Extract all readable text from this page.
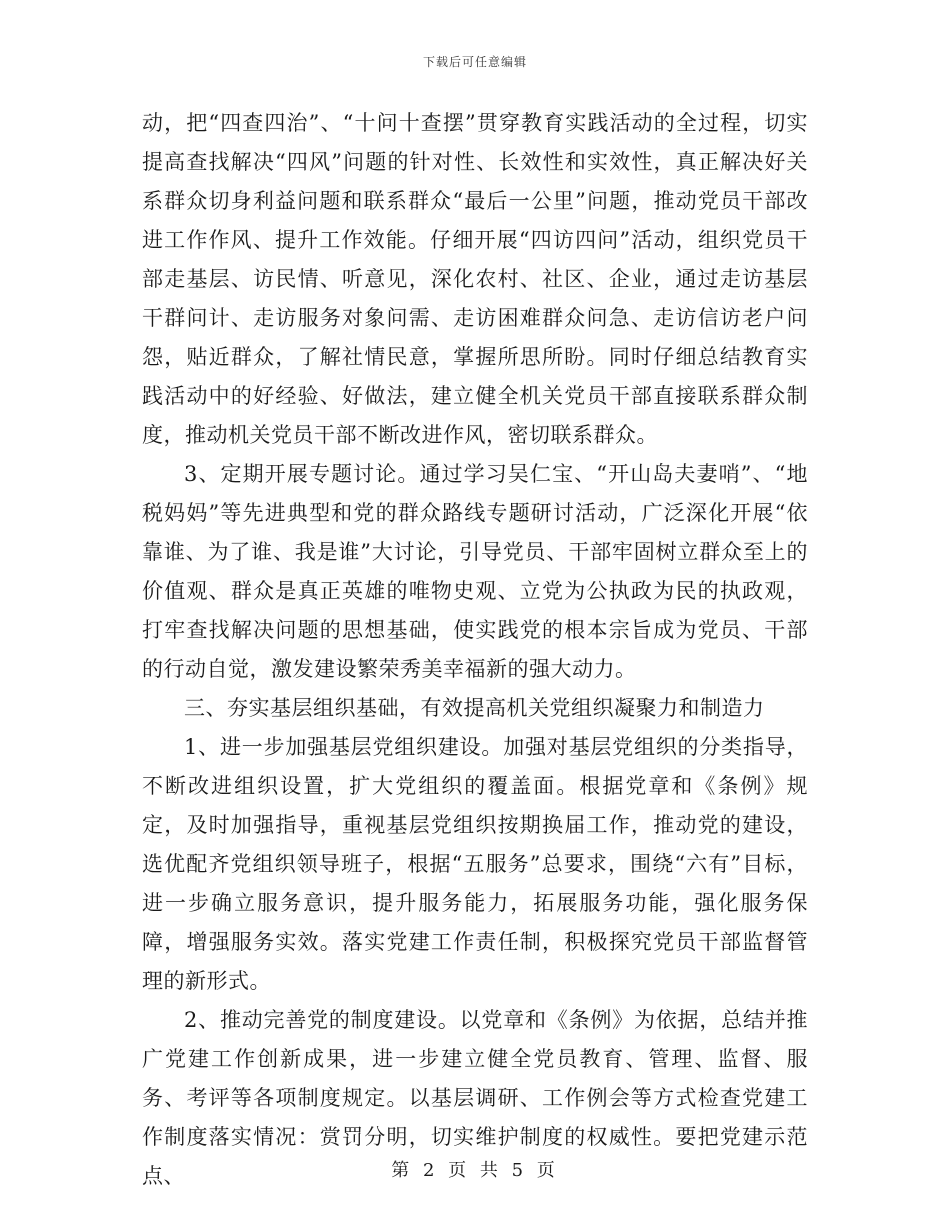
下载后可任意编辑

动，把“四查四治”、“十问十查摆”贯穿教育实践活动的全过程，切实提高查找解决“四风”问题的针对性、长效性和实效性，真正解决好关系群众切身利益问题和联系群众“最后一公里”问题，推动党员干部改进工作作风、提升工作效能。仔细开展“四访四问”活动，组织党员干部走基层、访民情、听意见，深化农村、社区、企业，通过走访基层干群问计、走访服务对象问需、走访困难群众问急、走访信访老户问怨，贴近群众，了解社情民意，掌握所思所盼。同时仔细总结教育实践活动中的好经验、好做法，建立健全机关党员干部直接联系群众制度，推动机关党员干部不断改进作风，密切联系群众。

3、定期开展专题讨论。通过学习吴仁宝、“开山岛夫妻哨”、“地税妈妈”等先进典型和党的群众路线专题研讨活动，广泛深化开展“依靠谁、为了谁、我是谁”大讨论，引导党员、干部牢固树立群众至上的价值观、群众是真正英雄的唯物史观、立党为公执政为民的执政观，打牢查找解决问题的思想基础，使实践党的根本宗旨成为党员、干部的行动自觉，激发建设繁荣秀美幸福新的强大动力。

三、夯实基层组织基础，有效提高机关党组织凝聚力和制造力

1、进一步加强基层党组织建设。加强对基层党组织的分类指导，不断改进组织设置，扩大党组织的覆盖面。根据党章和《条例》规定，及时加强指导，重视基层党组织按期换届工作，推动党的建设，选优配齐党组织领导班子，根据“五服务”总要求，围绕“六有”目标，进一步确立服务意识，提升服务能力，拓展服务功能，强化服务保障，增强服务实效。落实党建工作责任制，积极探究党员干部监督管理的新形式。

2、推动完善党的制度建设。以党章和《条例》为依据，总结并推广党建工作创新成果，进一步建立健全党员教育、管理、监督、服务、考评等各项制度规定。以基层调研、工作例会等方式检查党建工作制度落实情况：赏罚分明，切实维护制度的权威性。要把党建示范点、	第 2 页 共 5 页
